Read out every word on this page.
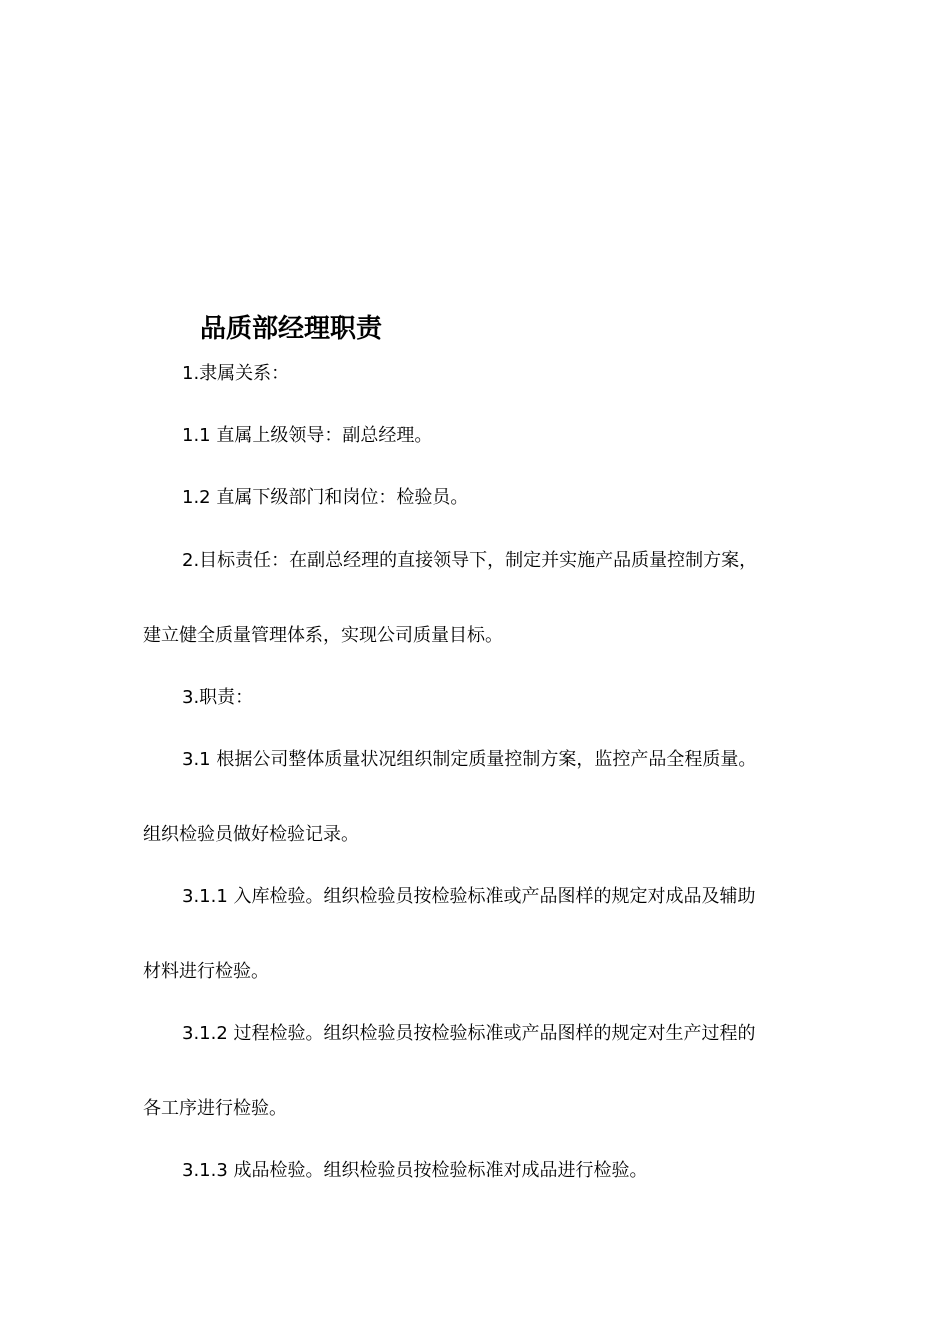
品质部经理职责
1.隶属关系：
1.1 直属上级领导：副总经理。
1.2 直属下级部门和岗位：检验员。
2.目标责任：在副总经理的直接领导下，制定并实施产品质量控制方案，
建立健全质量管理体系，实现公司质量目标。
3.职责：
3.1 根据公司整体质量状况组织制定质量控制方案，监控产品全程质量。
组织检验员做好检验记录。
3.1.1 入库检验。组织检验员按检验标准或产品图样的规定对成品及辅助
材料进行检验。
3.1.2 过程检验。组织检验员按检验标准或产品图样的规定对生产过程的
各工序进行检验。
3.1.3 成品检验。组织检验员按检验标准对成品进行检验。
